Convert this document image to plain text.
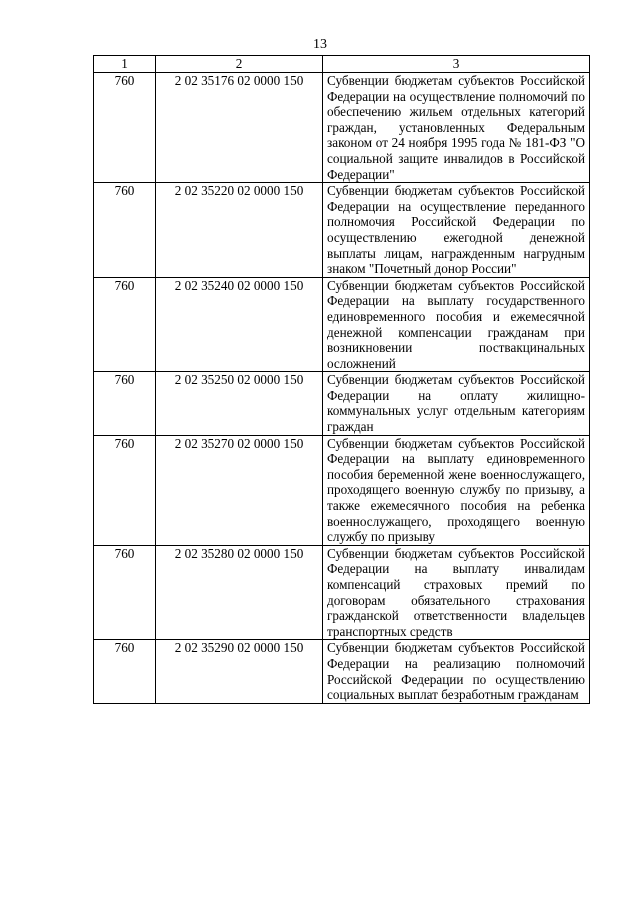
13
1	2	3
760	2 02 35176 02 0000 150	Субвенции бюджетам субъектов Российской Федерации на осуществление полномочий по обеспечению жильем отдельных категорий граждан, установленных Федеральным законом от 24 ноября 1995 года № 181-ФЗ "О социальной защите инвалидов в Российской Федерации"
760	2 02 35220 02 0000 150	Субвенции бюджетам субъектов Российской Федерации на осуществление переданного полномочия Российской Федерации по осуществлению ежегодной денежной выплаты лицам, награжденным нагрудным знаком "Почетный донор России"
760	2 02 35240 02 0000 150	Субвенции бюджетам субъектов Российской Федерации на выплату государственного единовременного пособия и ежемесячной денежной компенсации гражданам при возникновении поствакцинальных осложнений
760	2 02 35250 02 0000 150	Субвенции бюджетам субъектов Российской Федерации на оплату жилищно-коммунальных услуг отдельным категориям граждан
760	2 02 35270 02 0000 150	Субвенции бюджетам субъектов Российской Федерации на выплату единовременного пособия беременной жене военнослужащего, проходящего военную службу по призыву, а также ежемесячного пособия на ребенка военнослужащего, проходящего военную службу по призыву
760	2 02 35280 02 0000 150	Субвенции бюджетам субъектов Российской Федерации на выплату инвалидам компенсаций страховых премий по договорам обязательного страхования гражданской ответственности владельцев транспортных средств
760	2 02 35290 02 0000 150	Субвенции бюджетам субъектов Российской Федерации на реализацию полномочий Российской Федерации по осуществлению социальных выплат безработным гражданам
